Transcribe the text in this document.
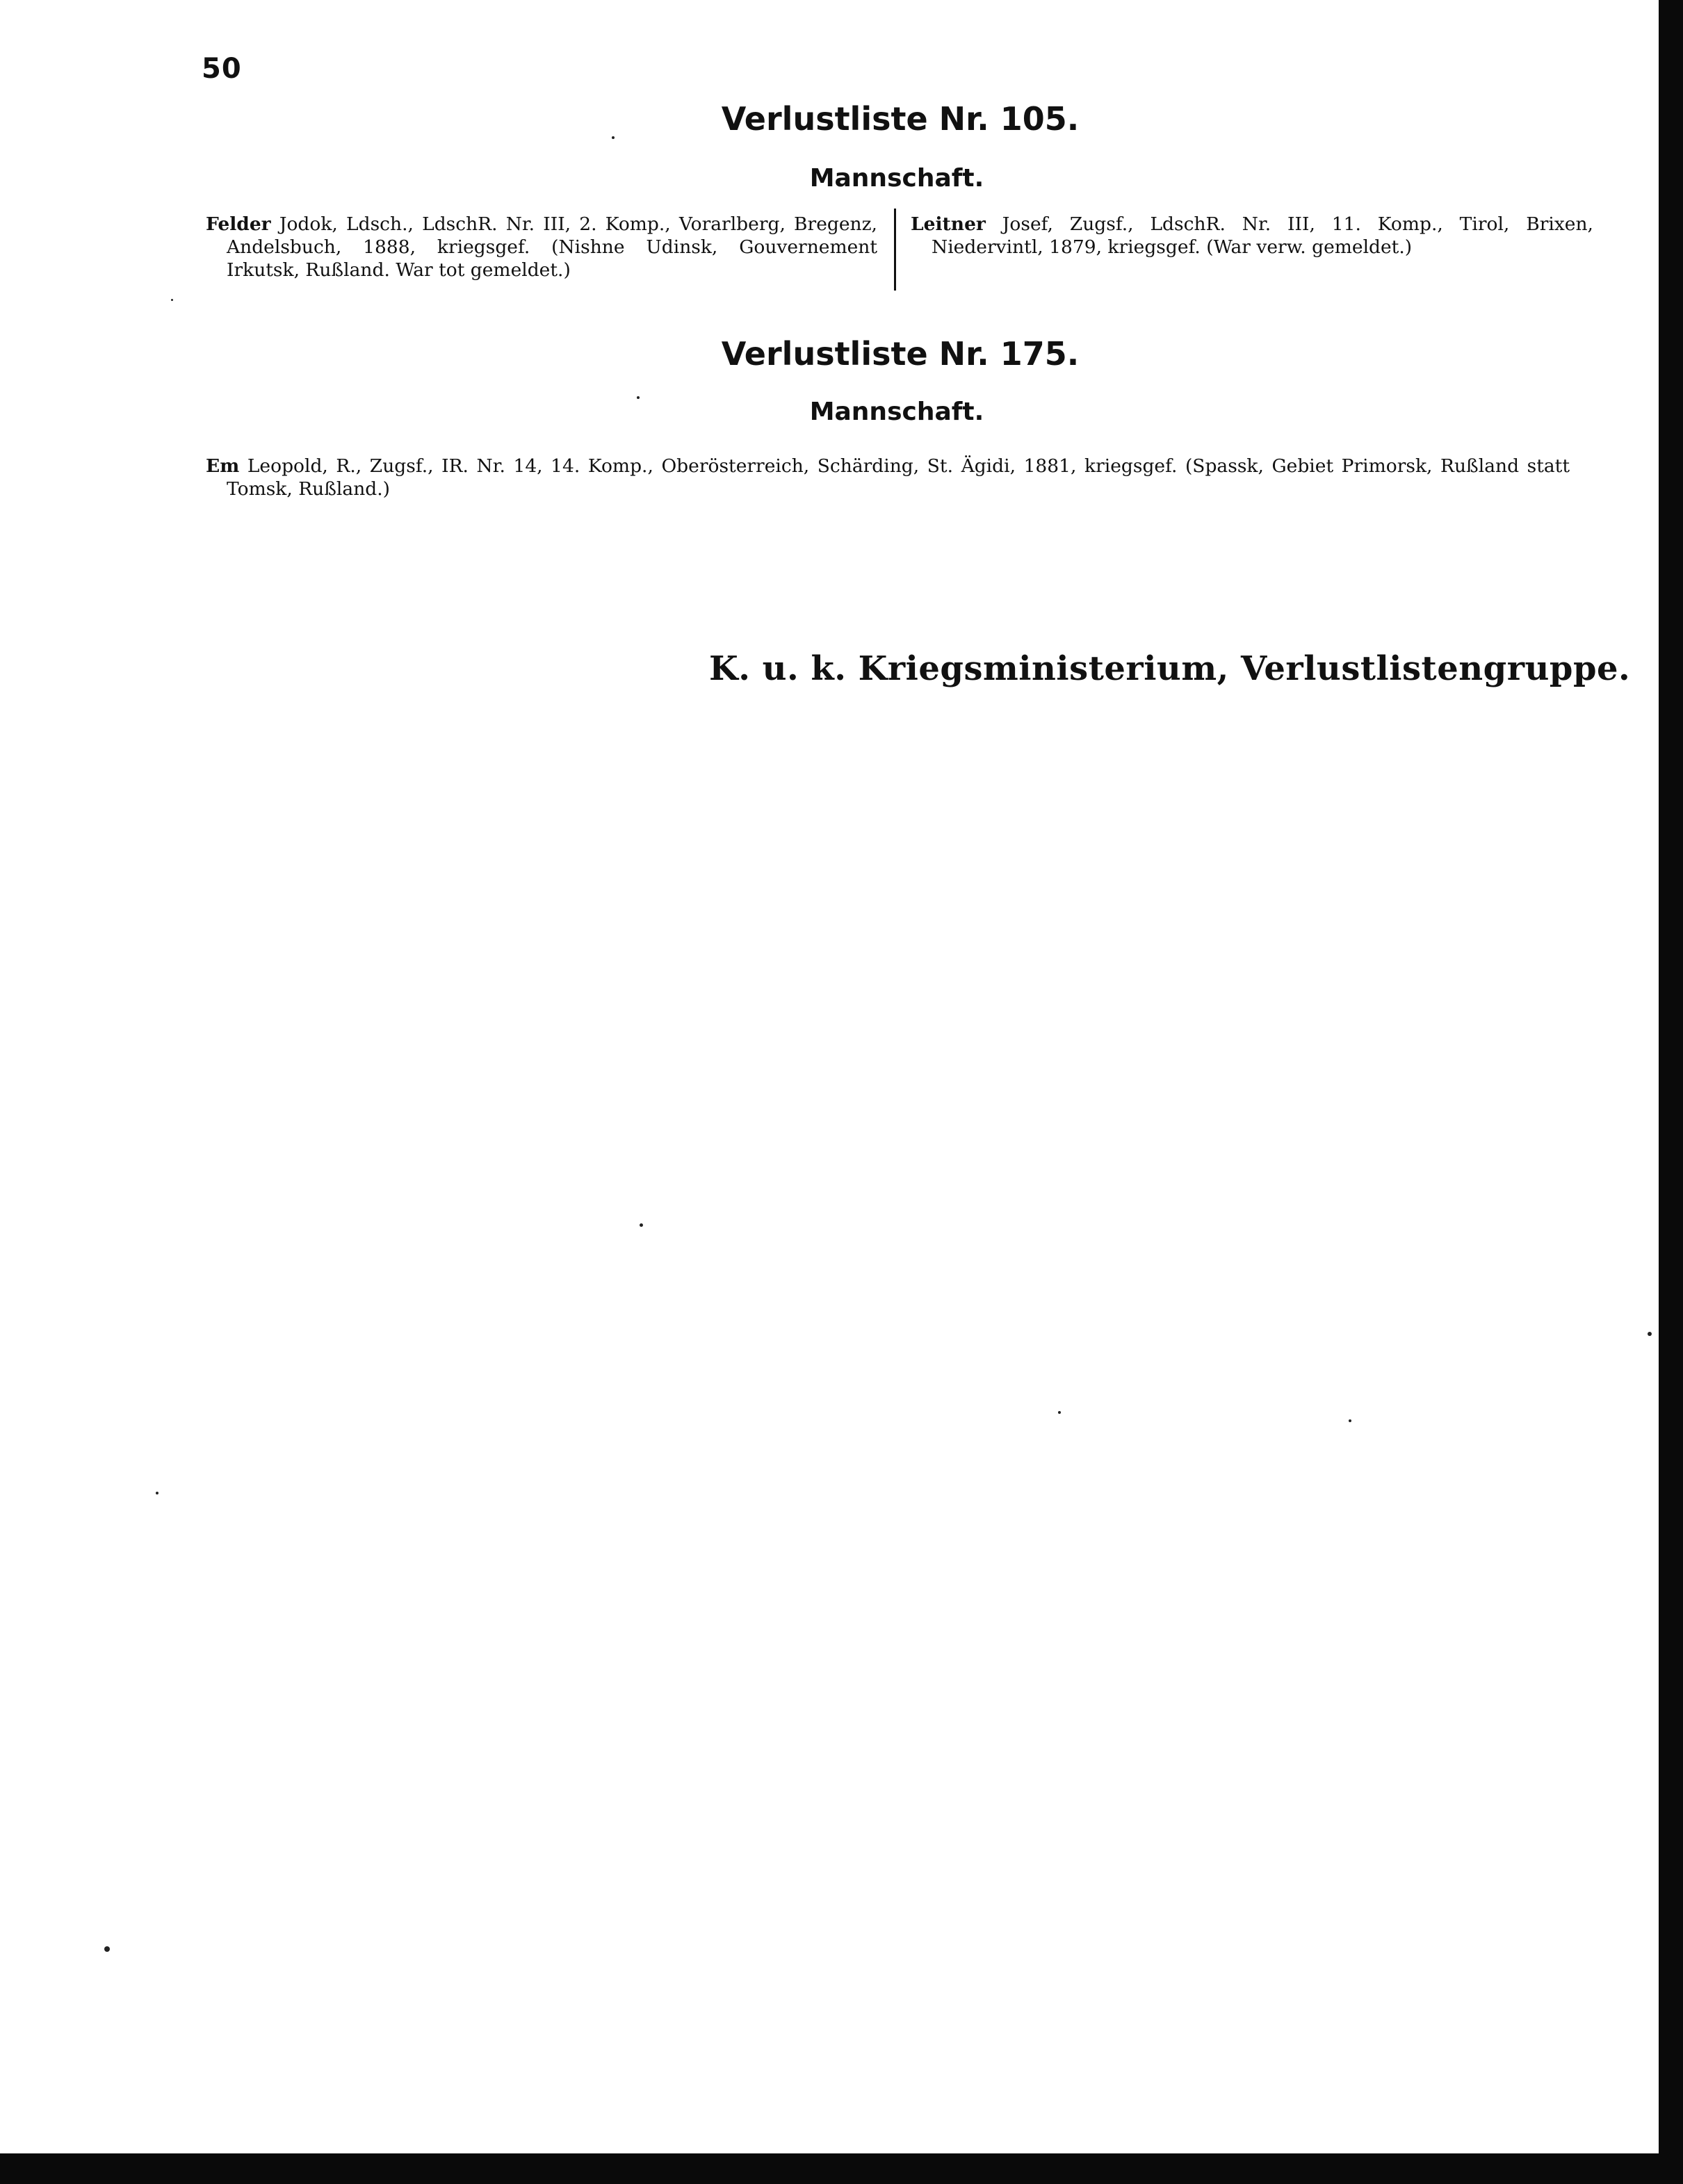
50
Verlustliste Nr. 105.
Mannschaft.

Felder Jodok, Ldsch., LdschR. Nr. III, 2. Komp., Vorarlberg, Bregenz, Andelsbuch, 1888, kriegsgef. (Nishne Udinsk, Gouvernement Irkutsk, Rußland. War tot gemeldet.)

Leitner Josef, Zugsf., LdschR. Nr. III, 11. Komp., Tirol, Brixen, Niedervintl, 1879, kriegsgef. (War verw. gemeldet.)

Verlustliste Nr. 175.
Mannschaft.

Em Leopold, R., Zugsf., IR. Nr. 14, 14. Komp., Oberösterreich, Schärding, St. Ägidi, 1881, kriegsgef. (Spassk, Gebiet Primorsk, Rußland statt Tomsk, Rußland.)

K. u. k. Kriegsministerium, Verlustlistengruppe.
